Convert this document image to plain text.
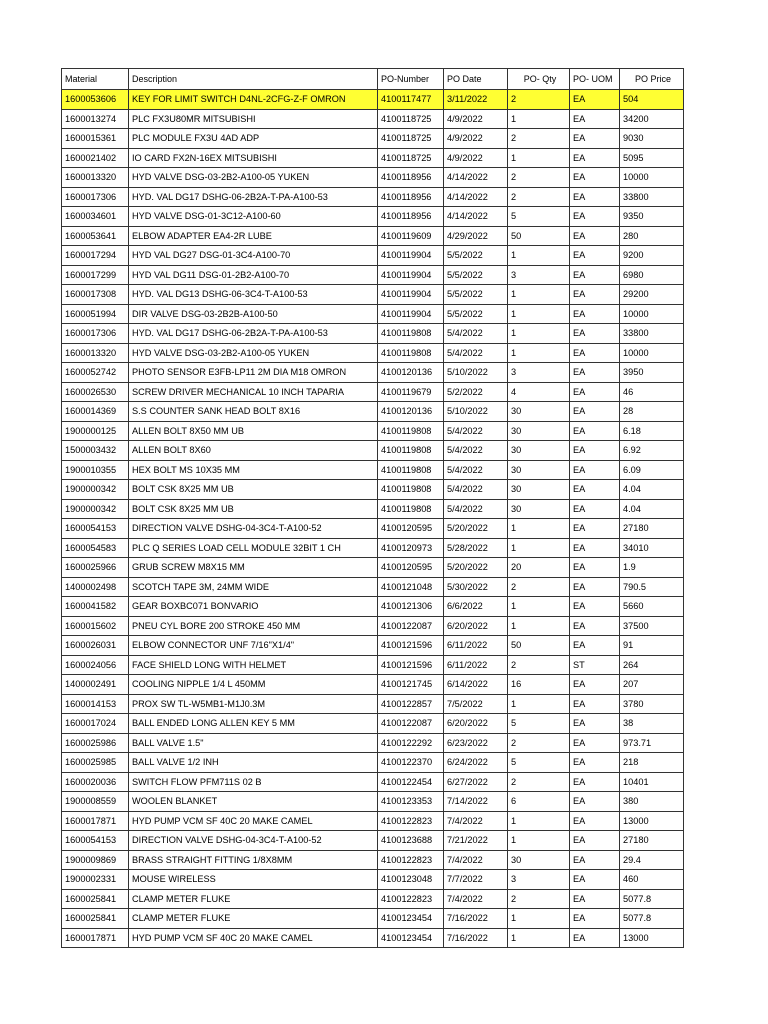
Material	Description	PO-Number	PO Date	PO- Qty	PO- UOM	PO Price
1600053606	KEY FOR LIMIT SWITCH D4NL-2CFG-Z-F OMRON	4100117477	3/11/2022	2	EA	504
1600013274	PLC FX3U80MR MITSUBISHI	4100118725	4/9/2022	1	EA	34200
1600015361	PLC MODULE FX3U 4AD ADP	4100118725	4/9/2022	2	EA	9030
1600021402	IO CARD FX2N-16EX MITSUBISHI	4100118725	4/9/2022	1	EA	5095
1600013320	HYD VALVE DSG-03-2B2-A100-05 YUKEN	4100118956	4/14/2022	2	EA	10000
1600017306	HYD. VAL DG17 DSHG-06-2B2A-T-PA-A100-53	4100118956	4/14/2022	2	EA	33800
1600034601	HYD VALVE DSG-01-3C12-A100-60	4100118956	4/14/2022	5	EA	9350
1600053641	ELBOW ADAPTER EA4-2R LUBE	4100119609	4/29/2022	50	EA	280
1600017294	HYD VAL DG27 DSG-01-3C4-A100-70	4100119904	5/5/2022	1	EA	9200
1600017299	HYD VAL DG11 DSG-01-2B2-A100-70	4100119904	5/5/2022	3	EA	6980
1600017308	HYD. VAL DG13 DSHG-06-3C4-T-A100-53	4100119904	5/5/2022	1	EA	29200
1600051994	DIR VALVE DSG-03-2B2B-A100-50	4100119904	5/5/2022	1	EA	10000
1600017306	HYD. VAL DG17 DSHG-06-2B2A-T-PA-A100-53	4100119808	5/4/2022	1	EA	33800
1600013320	HYD VALVE DSG-03-2B2-A100-05 YUKEN	4100119808	5/4/2022	1	EA	10000
1600052742	PHOTO SENSOR E3FB-LP11 2M DIA M18 OMRON	4100120136	5/10/2022	3	EA	3950
1600026530	SCREW DRIVER MECHANICAL 10 INCH TAPARIA	4100119679	5/2/2022	4	EA	46
1600014369	S.S COUNTER SANK HEAD BOLT 8X16	4100120136	5/10/2022	30	EA	28
1900000125	ALLEN BOLT 8X50 MM UB	4100119808	5/4/2022	30	EA	6.18
1500003432	ALLEN BOLT 8X60	4100119808	5/4/2022	30	EA	6.92
1900010355	HEX BOLT MS 10X35 MM	4100119808	5/4/2022	30	EA	6.09
1900000342	BOLT CSK 8X25 MM UB	4100119808	5/4/2022	30	EA	4.04
1900000342	BOLT CSK 8X25 MM UB	4100119808	5/4/2022	30	EA	4.04
1600054153	DIRECTION VALVE DSHG-04-3C4-T-A100-52	4100120595	5/20/2022	1	EA	27180
1600054583	PLC Q SERIES LOAD CELL MODULE 32BIT 1 CH	4100120973	5/28/2022	1	EA	34010
1600025966	GRUB SCREW M8X15 MM	4100120595	5/20/2022	20	EA	1.9
1400002498	SCOTCH TAPE 3M, 24MM WIDE	4100121048	5/30/2022	2	EA	790.5
1600041582	GEAR BOXBC071 BONVARIO	4100121306	6/6/2022	1	EA	5660
1600015602	PNEU CYL BORE 200 STROKE 450 MM	4100122087	6/20/2022	1	EA	37500
1600026031	ELBOW CONNECTOR UNF 7/16"X1/4"	4100121596	6/11/2022	50	EA	91
1600024056	FACE SHIELD LONG WITH HELMET	4100121596	6/11/2022	2	ST	264
1400002491	COOLING NIPPLE 1/4 L 450MM	4100121745	6/14/2022	16	EA	207
1600014153	PROX SW TL-W5MB1-M1J0.3M	4100122857	7/5/2022	1	EA	3780
1600017024	BALL ENDED LONG ALLEN KEY 5 MM	4100122087	6/20/2022	5	EA	38
1600025986	BALL VALVE 1.5"	4100122292	6/23/2022	2	EA	973.71
1600025985	BALL VALVE 1/2 INH	4100122370	6/24/2022	5	EA	218
1600020036	SWITCH FLOW PFM711S 02 B	4100122454	6/27/2022	2	EA	10401
1900008559	WOOLEN BLANKET	4100123353	7/14/2022	6	EA	380
1600017871	HYD PUMP VCM SF 40C 20 MAKE CAMEL	4100122823	7/4/2022	1	EA	13000
1600054153	DIRECTION VALVE DSHG-04-3C4-T-A100-52	4100123688	7/21/2022	1	EA	27180
1900009869	BRASS STRAIGHT FITTING 1/8X8MM	4100122823	7/4/2022	30	EA	29.4
1900002331	MOUSE WIRELESS	4100123048	7/7/2022	3	EA	460
1600025841	CLAMP METER FLUKE	4100122823	7/4/2022	2	EA	5077.8
1600025841	CLAMP METER FLUKE	4100123454	7/16/2022	1	EA	5077.8
1600017871	HYD PUMP VCM SF 40C 20 MAKE CAMEL	4100123454	7/16/2022	1	EA	13000
